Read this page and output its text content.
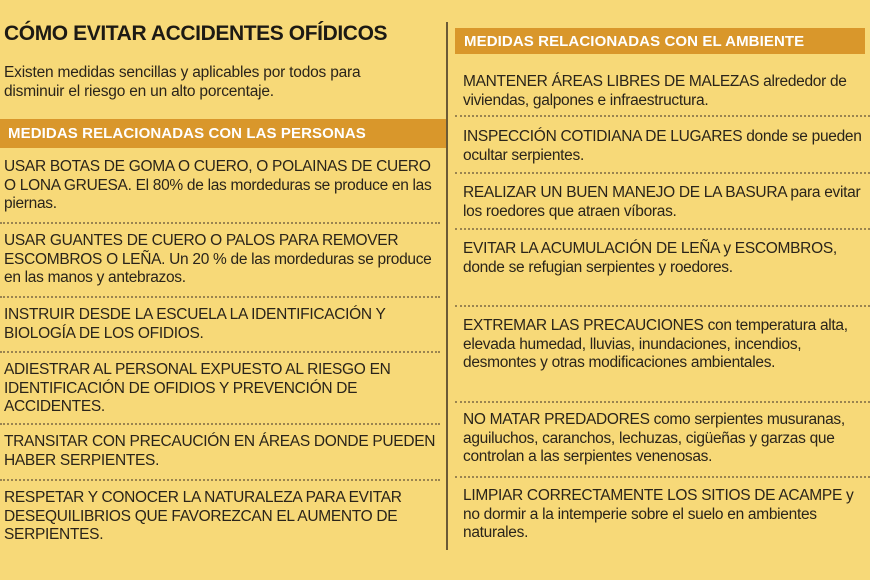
CÓMO EVITAR ACCIDENTES OFÍDICOS
Existen medidas sencillas y aplicables por todos para disminuir el riesgo en un alto porcentaje.
MEDIDAS RELACIONADAS CON LAS PERSONAS
MEDIDAS RELACIONADAS CON EL AMBIENTE
USAR BOTAS DE GOMA O CUERO, O POLAINAS DE CUERO O LONA GRUESA. El 80% de las mordeduras se produce en las piernas.
USAR GUANTES DE CUERO O PALOS PARA REMOVER ESCOMBROS O LEÑA. Un 20 % de las mordeduras se produce en las manos y antebrazos.
INSTRUIR DESDE LA ESCUELA LA IDENTIFICACIÓN Y BIOLOGÍA DE LOS OFIDIOS.
ADIESTRAR AL PERSONAL EXPUESTO AL RIESGO EN IDENTIFICACIÓN DE OFIDIOS Y PREVENCIÓN DE ACCIDENTES.
TRANSITAR CON PRECAUCIÓN EN ÁREAS DONDE PUEDEN HABER SERPIENTES.
RESPETAR Y CONOCER LA NATURALEZA PARA EVITAR DESEQUILIBRIOS QUE FAVOREZCAN EL AUMENTO DE SERPIENTES.
MANTENER ÁREAS LIBRES DE MALEZAS alrededor de viviendas, galpones e infraestructura.
INSPECCIÓN COTIDIANA DE LUGARES donde se pueden ocultar serpientes.
REALIZAR UN BUEN MANEJO DE LA BASURA para evitar los roedores que atraen víboras.
EVITAR LA ACUMULACIÓN DE LEÑA y ESCOMBROS, donde se refugian serpientes y roedores.
EXTREMAR LAS PRECAUCIONES con temperatura alta, elevada humedad, lluvias, inundaciones, incendios, desmontes y otras modificaciones ambientales.
NO MATAR PREDADORES como serpientes musuranas, aguiluchos, caranchos, lechuzas, cigüeñas y garzas que controlan a las serpientes venenosas.
LIMPIAR CORRECTAMENTE LOS SITIOS DE ACAMPE y no dormir a la intemperie sobre el suelo en ambientes naturales.
